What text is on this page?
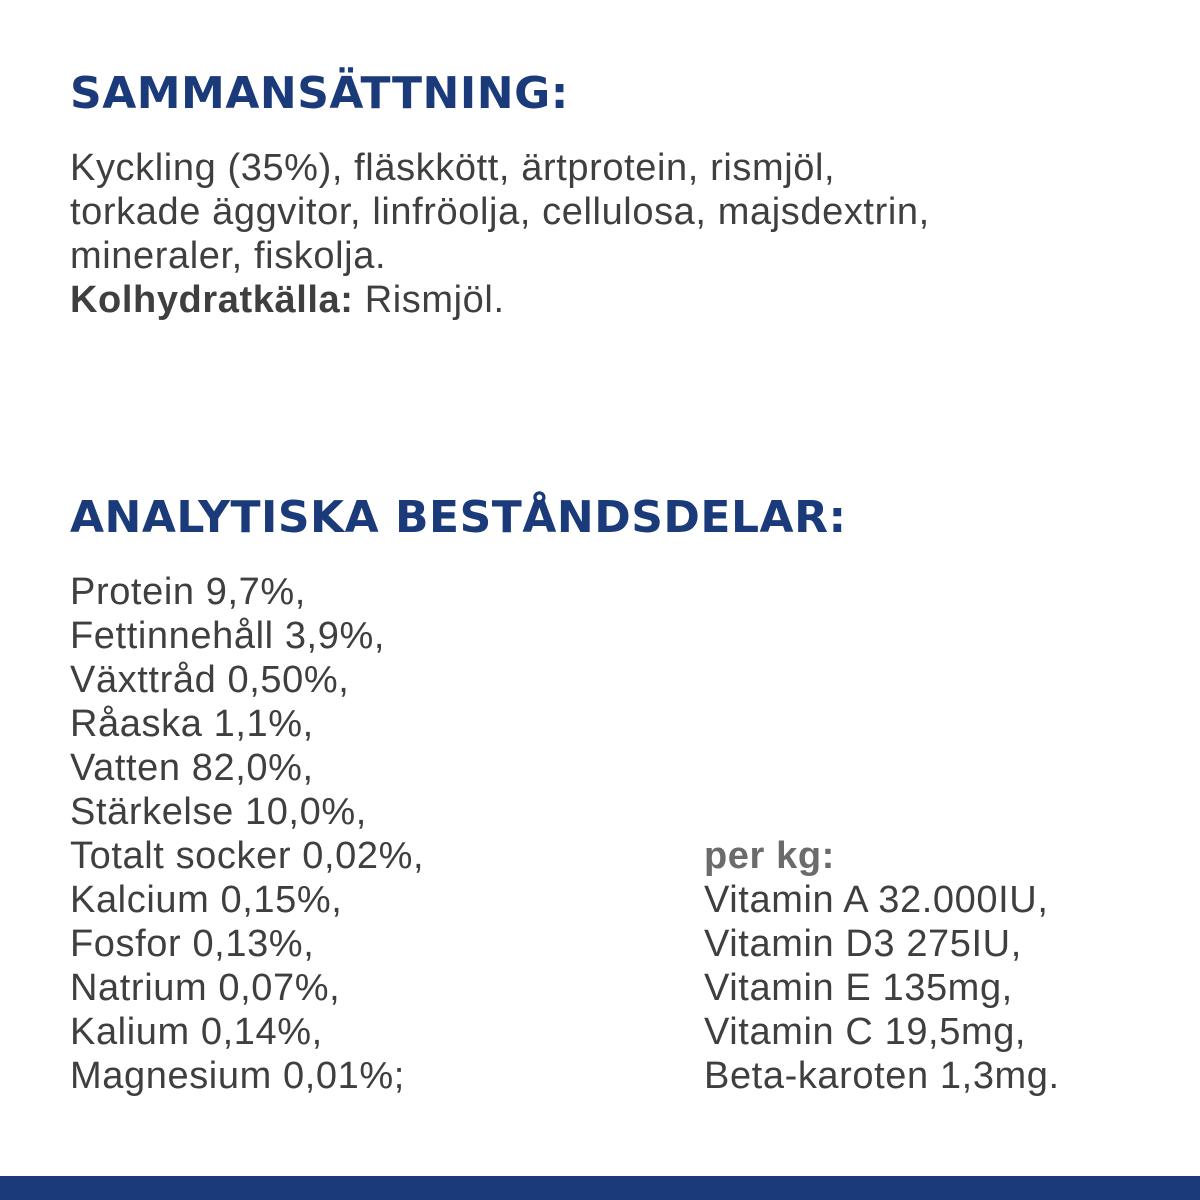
SAMMANSÄTTNING:

Kyckling (35%), fläskkött, ärtprotein, rismjöl,

torkade äggvitor, linfröolja, cellulosa, majsdextrin,

mineraler, fiskolja.

Kolhydratkälla: Rismjöl.

ANALYTISKA BESTÅNDSDELAR:
Protein 9,7%,
Fettinnehåll 3,9%,
Växttråd 0,50%,
Råaska 1,1%,
Vatten 82,0%,
Stärkelse 10,0%,
Totalt socker 0,02%,
Kalcium 0,15%,
Fosfor 0,13%,
Natrium 0,07%,
Kalium 0,14%,
Magnesium 0,01%;
per kg:
Vitamin A 32.000IU,
Vitamin D3 275IU,
Vitamin E 135mg,
Vitamin C 19,5mg,
Beta-karoten 1,3mg.
